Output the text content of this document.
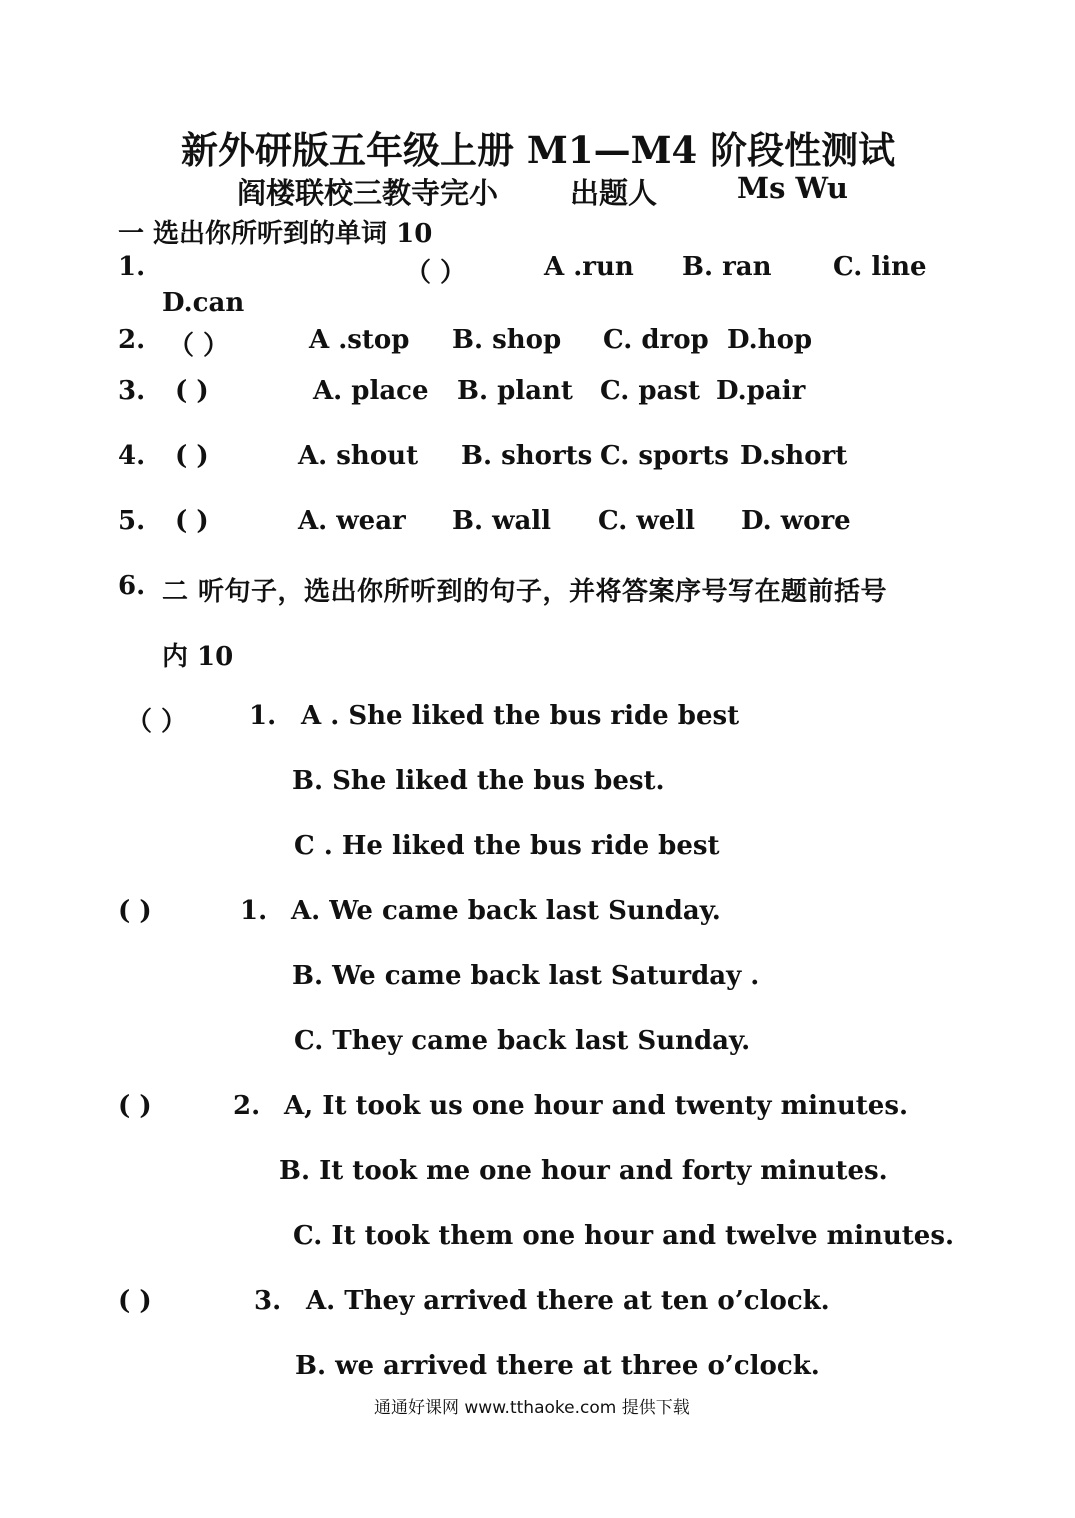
新外研版五年级上册 M1—M4 阶段性测试
阎楼联校三教寺完小 出题人	Ms Wu
一 选出你所听到的单词 10
1.	（ ）	A .run B. ran C. line
D.can
2. （ ）	A .stop B. shop C. drop D.hop
3. ( )	A. place B. plant C. past D.pair
4. ( )	A. shout B. shorts C. sports D.short
5. ( )	A. wear B. wall C. well D. wore
6. 二 听句子，选出你所听到的句子，并将答案序号写在题前括号
内 10
（ ） 1. A . She liked the bus ride best
B. She liked the bus best.
C . He liked the bus ride best
( )	1. A. We came back last Sunday.
B. We came back last Saturday .
C. They came back last Sunday.
( )	2. A, It took us one hour and twenty minutes.
B. It took me one hour and forty minutes.
C. It took them one hour and twelve minutes.
( )	3. A. They arrived there at ten o’clock.
B. we arrived there at three o’clock.
通通好课网 www.tthaoke.com 提供下载
